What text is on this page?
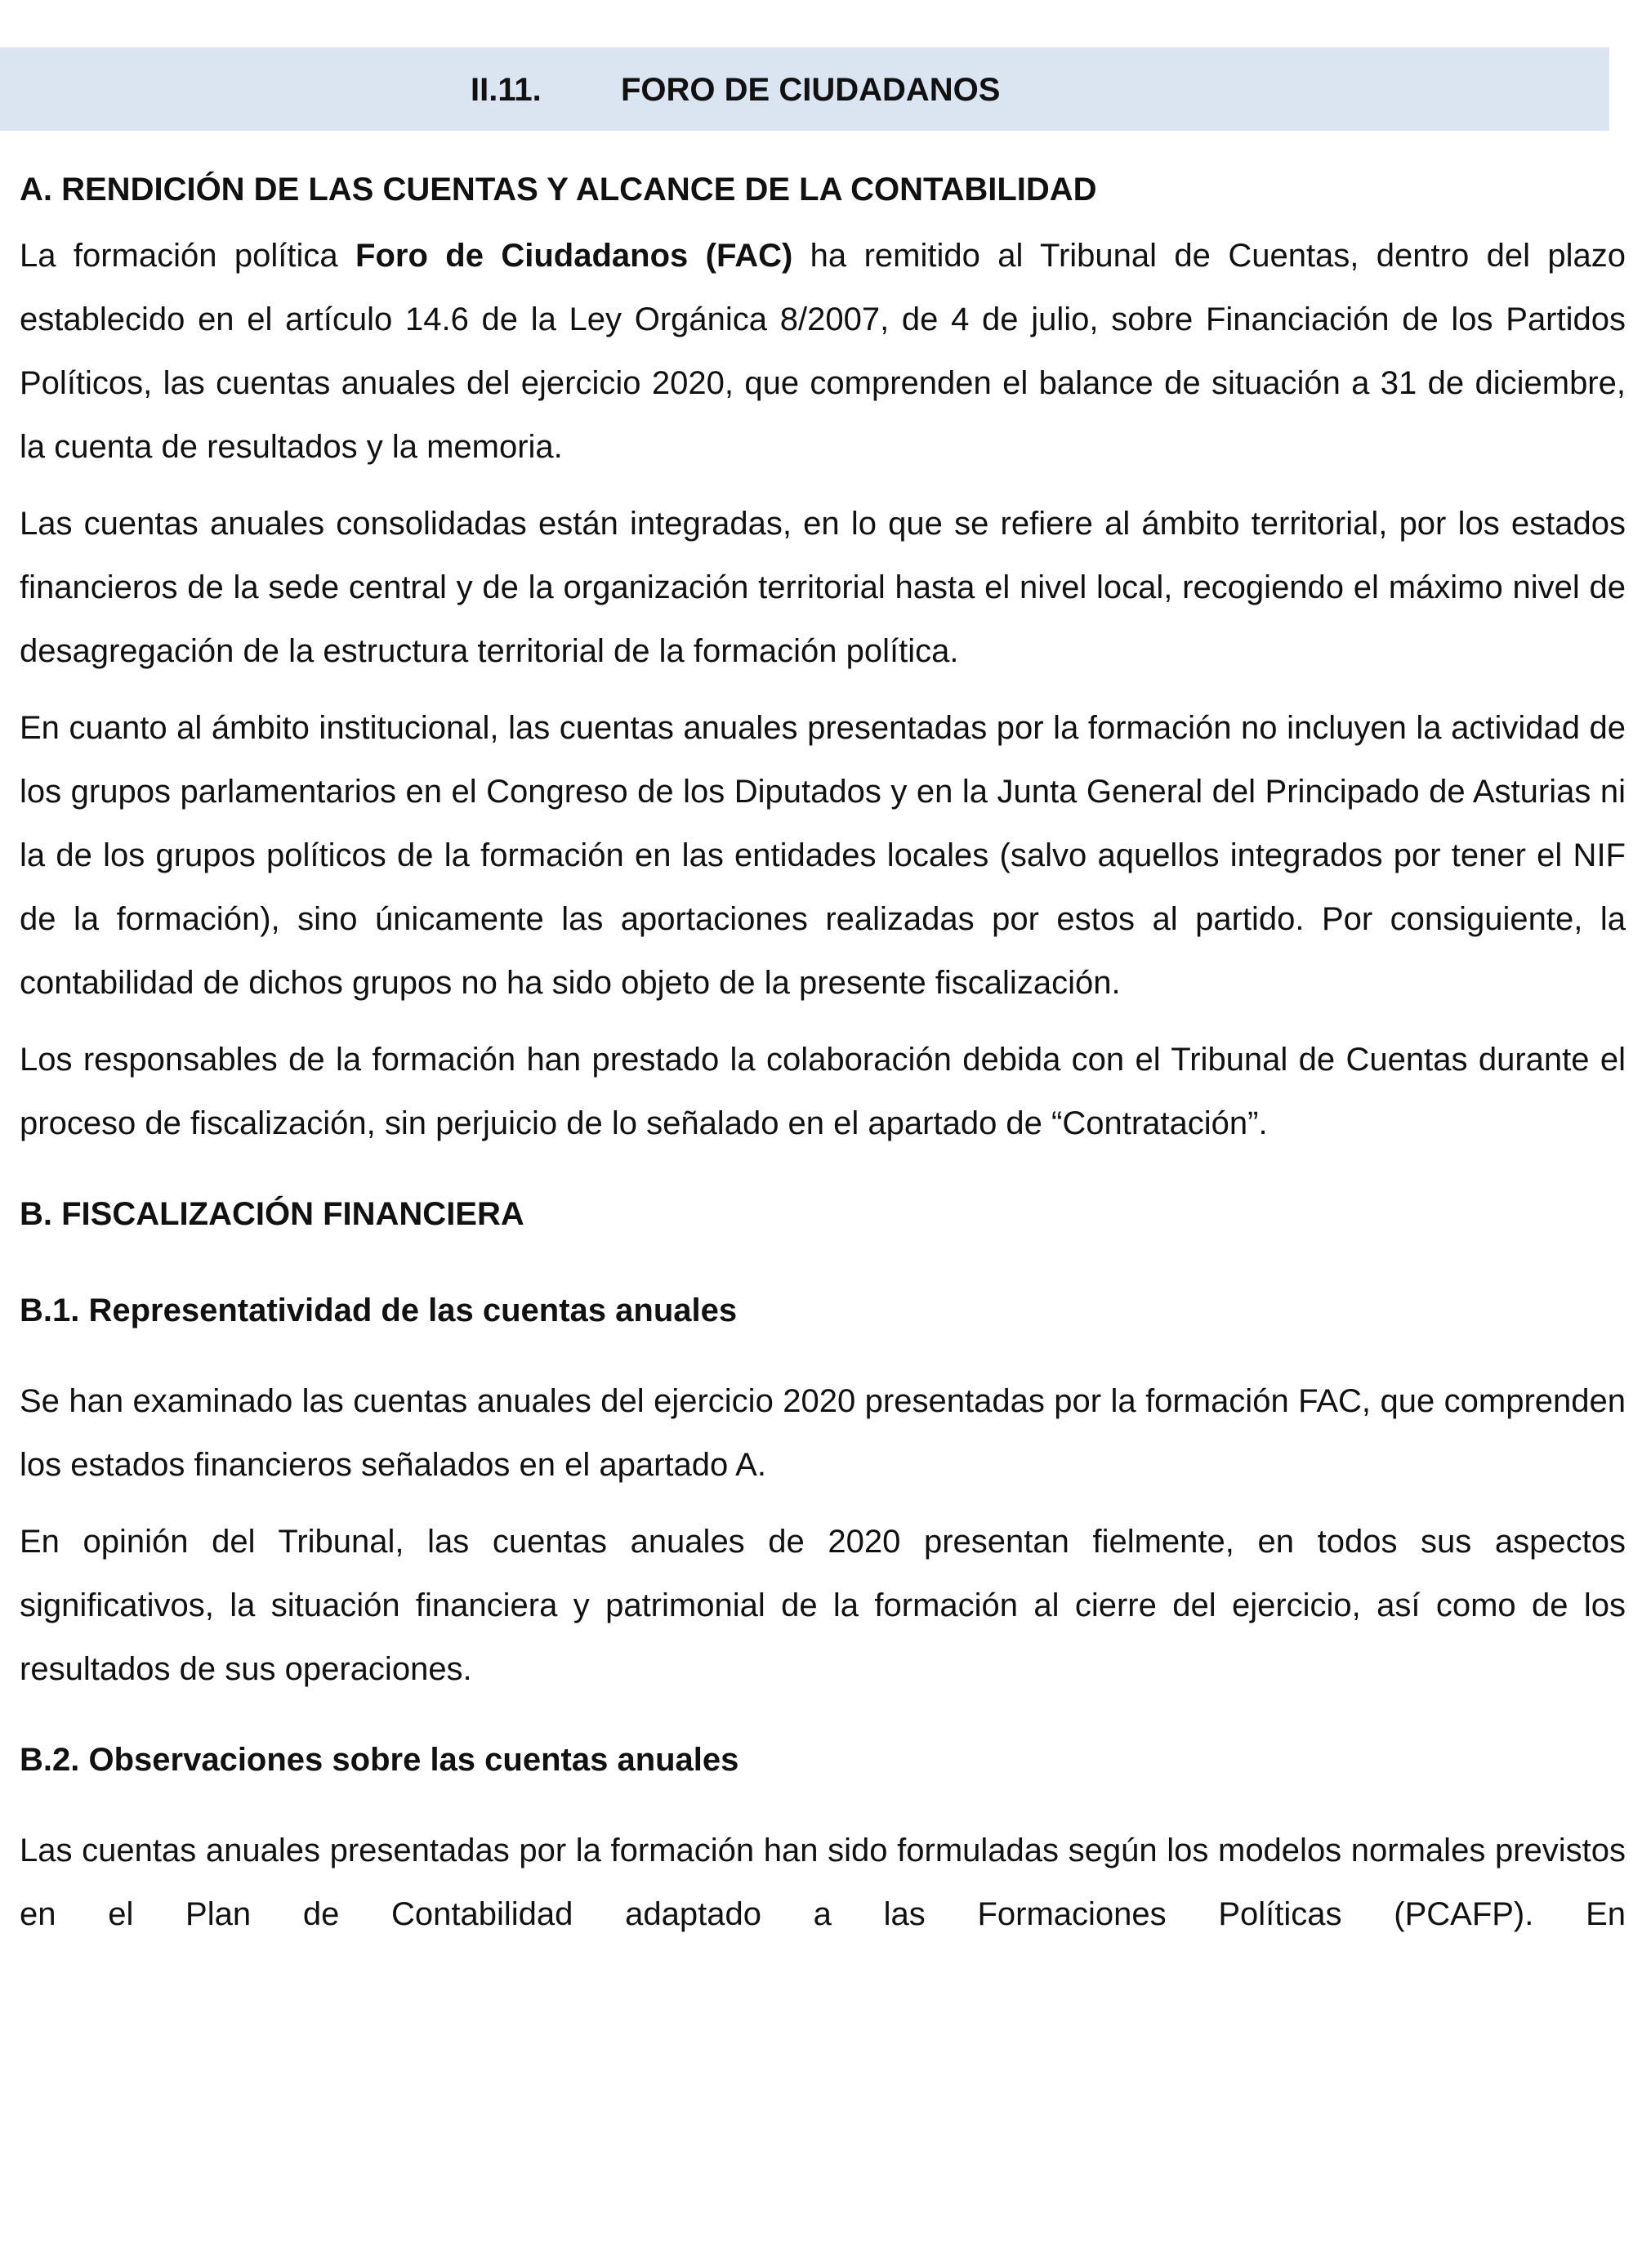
II.11. FORO DE CIUDADANOS
A. RENDICIÓN DE LAS CUENTAS Y ALCANCE DE LA CONTABILIDAD

La formación política Foro de Ciudadanos (FAC) ha remitido al Tribunal de Cuentas, dentro del plazo establecido en el artículo 14.6 de la Ley Orgánica 8/2007, de 4 de julio, sobre Financiación de los Partidos Políticos, las cuentas anuales del ejercicio 2020, que comprenden el balance de situación a 31 de diciembre, la cuenta de resultados y la memoria.

Las cuentas anuales consolidadas están integradas, en lo que se refiere al ámbito territorial, por los estados financieros de la sede central y de la organización territorial hasta el nivel local, recogiendo el máximo nivel de desagregación de la estructura territorial de la formación política.

En cuanto al ámbito institucional, las cuentas anuales presentadas por la formación no incluyen la actividad de los grupos parlamentarios en el Congreso de los Diputados y en la Junta General del Principado de Asturias ni la de los grupos políticos de la formación en las entidades locales (salvo aquellos integrados por tener el NIF de la formación), sino únicamente las aportaciones realizadas por estos al partido. Por consiguiente, la contabilidad de dichos grupos no ha sido objeto de la presente fiscalización.

Los responsables de la formación han prestado la colaboración debida con el Tribunal de Cuentas durante el proceso de fiscalización, sin perjuicio de lo señalado en el apartado de “Contratación”.

B. FISCALIZACIÓN FINANCIERA
B.1. Representatividad de las cuentas anuales

Se han examinado las cuentas anuales del ejercicio 2020 presentadas por la formación FAC, que comprenden los estados financieros señalados en el apartado A.

En opinión del Tribunal, las cuentas anuales de 2020 presentan fielmente, en todos sus aspectos significativos, la situación financiera y patrimonial de la formación al cierre del ejercicio, así como de los resultados de sus operaciones.

B.2. Observaciones sobre las cuentas anuales

Las cuentas anuales presentadas por la formación han sido formuladas según los modelos normales previstos en el Plan de Contabilidad adaptado a las Formaciones Políticas (PCAFP). En
